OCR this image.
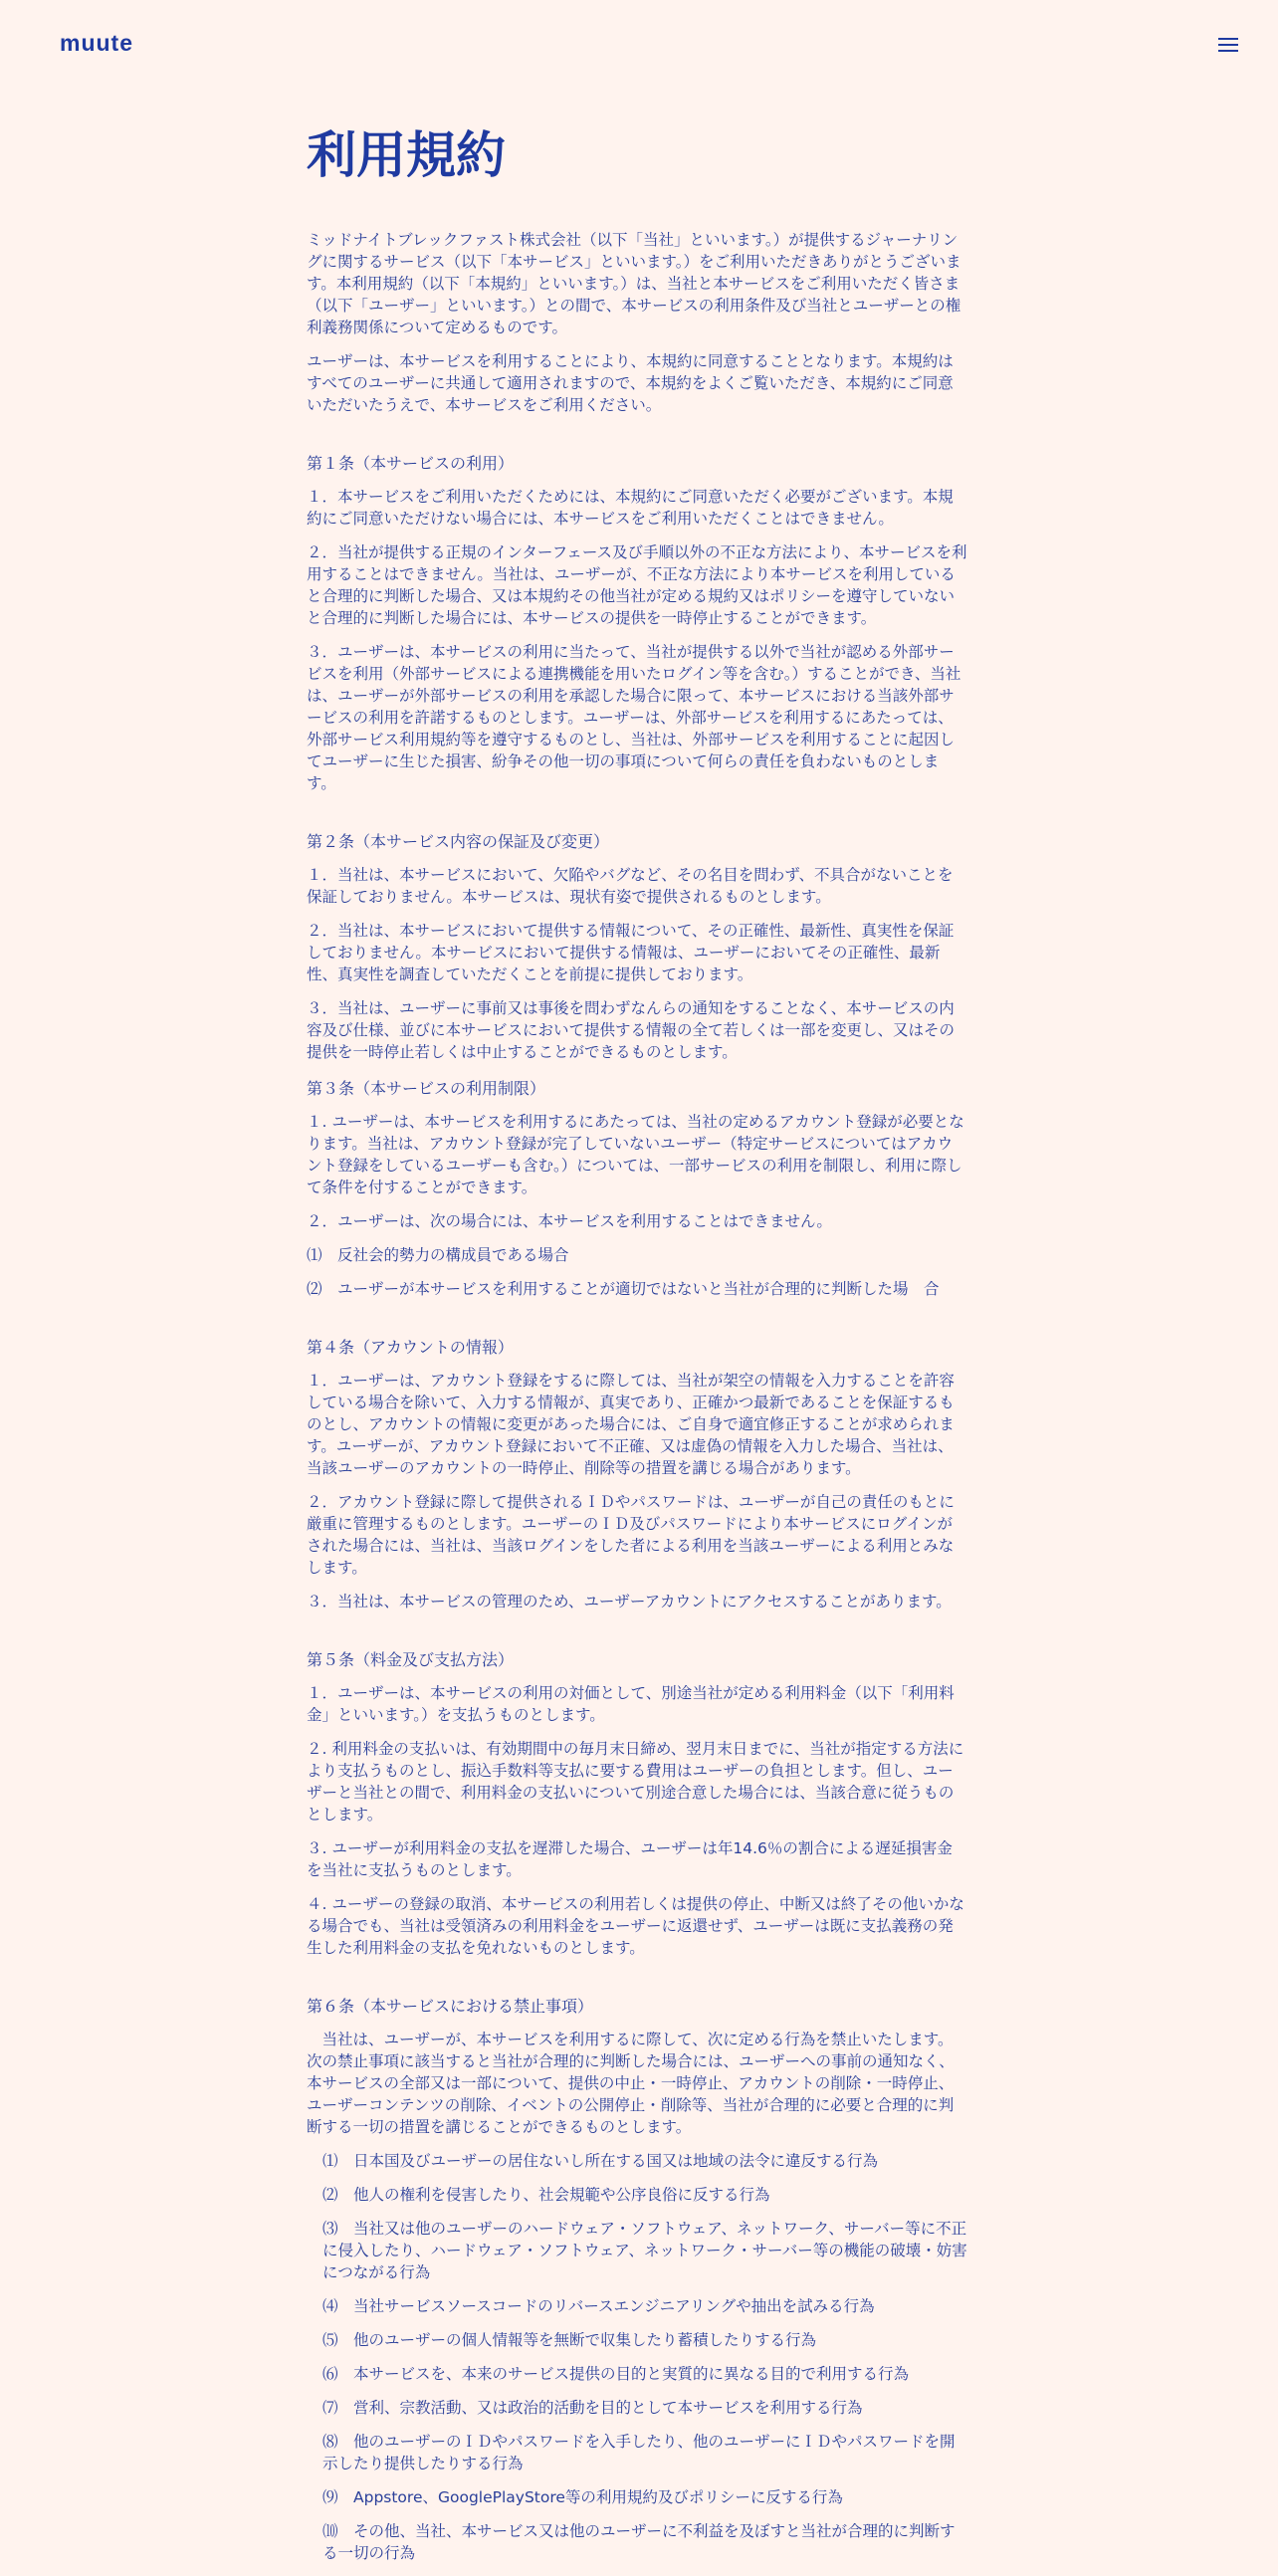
muute
利用規約

ミッドナイトブレックファスト株式会社（以下「当社」といいます。）が提供するジャーナリングに関するサービス（以下「本サービス」といいます。）をご利用いただきありがとうございます。本利用規約（以下「本規約」といいます。）は、当社と本サービスをご利用いただく皆さま（以下「ユーザー」といいます。）との間で、本サービスの利用条件及び当社とユーザーとの権利義務関係について定めるものです。

ユーザーは、本サービスを利用することにより、本規約に同意することとなります。本規約はすべてのユーザーに共通して適用されますので、本規約をよくご覧いただき、本規約にご同意いただいたうえで、本サービスをご利用ください。

第１条（本サービスの利用）

１．本サービスをご利用いただくためには、本規約にご同意いただく必要がございます。本規約にご同意いただけない場合には、本サービスをご利用いただくことはできません。

２．当社が提供する正規のインターフェース及び手順以外の不正な方法により、本サービスを利用することはできません。当社は、ユーザーが、不正な方法により本サービスを利用していると合理的に判断した場合、又は本規約その他当社が定める規約又はポリシーを遵守していないと合理的に判断した場合には、本サービスの提供を一時停止することができます。

３．ユーザーは、本サービスの利用に当たって、当社が提供する以外で当社が認める外部サービスを利用（外部サービスによる連携機能を用いたログイン等を含む。）することができ、当社は、ユーザーが外部サービスの利用を承認した場合に限って、本サービスにおける当該外部サービスの利用を許諾するものとします。ユーザーは、外部サービスを利用するにあたっては、外部サービス利用規約等を遵守するものとし、当社は、外部サービスを利用することに起因してユーザーに生じた損害、紛争その他一切の事項について何らの責任を負わないものとします。

第２条（本サービス内容の保証及び変更）

１．当社は、本サービスにおいて、欠陥やバグなど、その名目を問わず、不具合がないことを保証しておりません。本サービスは、現状有姿で提供されるものとします。

２．当社は、本サービスにおいて提供する情報について、その正確性、最新性、真実性を保証しておりません。本サービスにおいて提供する情報は、ユーザーにおいてその正確性、最新性、真実性を調査していただくことを前提に提供しております。

３．当社は、ユーザーに事前又は事後を問わずなんらの通知をすることなく、本サービスの内容及び仕様、並びに本サービスにおいて提供する情報の全て若しくは一部を変更し、又はその提供を一時停止若しくは中止することができるものとします。

第３条（本サービスの利用制限）

１. ユーザーは、本サービスを利用するにあたっては、当社の定めるアカウント登録が必要となります。当社は、アカウント登録が完了していないユーザー（特定サービスについてはアカウント登録をしているユーザーも含む。）については、一部サービスの利用を制限し、利用に際して条件を付することができます。

２．ユーザーは、次の場合には、本サービスを利用することはできません。

⑴　反社会的勢力の構成員である場合

⑵　ユーザーが本サービスを利用することが適切ではないと当社が合理的に判断した場　合

第４条（アカウントの情報）

１．ユーザーは、アカウント登録をするに際しては、当社が架空の情報を入力することを許容している場合を除いて、入力する情報が、真実であり、正確かつ最新であることを保証するものとし、アカウントの情報に変更があった場合には、ご自身で適宜修正することが求められます。ユーザーが、アカウント登録において不正確、又は虚偽の情報を入力した場合、当社は、当該ユーザーのアカウントの一時停止、削除等の措置を講じる場合があります。

２．アカウント登録に際して提供されるＩＤやパスワードは、ユーザーが自己の責任のもとに厳重に管理するものとします。ユーザーのＩＤ及びパスワードにより本サービスにログインがされた場合には、当社は、当該ログインをした者による利用を当該ユーザーによる利用とみなします。

３．当社は、本サービスの管理のため、ユーザーアカウントにアクセスすることがあります。

第５条（料金及び支払方法）

１．ユーザーは、本サービスの利用の対価として、別途当社が定める利用料金（以下「利用料金」といいます。）を支払うものとします。

２. 利用料金の支払いは、有効期間中の毎月末日締め、翌月末日までに、当社が指定する方法により支払うものとし、振込手数料等支払に要する費用はユーザーの負担とします。但し、ユーザーと当社との間で、利用料金の支払いについて別途合意した場合には、当該合意に従うものとします。

３. ユーザーが利用料金の支払を遅滞した場合、ユーザーは年14.6％の割合による遅延損害金を当社に支払うものとします。

４. ユーザーの登録の取消、本サービスの利用若しくは提供の停止、中断又は終了その他いかなる場合でも、当社は受領済みの利用料金をユーザーに返還せず、ユーザーは既に支払義務の発生した利用料金の支払を免れないものとします。

第６条（本サービスにおける禁止事項）

当社は、ユーザーが、本サービスを利用するに際して、次に定める行為を禁止いたします。次の禁止事項に該当すると当社が合理的に判断した場合には、ユーザーへの事前の通知なく、本サービスの全部又は一部について、提供の中止・一時停止、アカウントの削除・一時停止、ユーザーコンテンツの削除、イベントの公開停止・削除等、当社が合理的に必要と合理的に判断する一切の措置を講じることができるものとします。

⑴　日本国及びユーザーの居住ないし所在する国又は地域の法令に違反する行為

⑵　他人の権利を侵害したり、社会規範や公序良俗に反する行為

⑶　当社又は他のユーザーのハードウェア・ソフトウェア、ネットワーク、サーバー等に不正に侵入したり、ハードウェア・ソフトウェア、ネットワーク・サーバー等の機能の破壊・妨害につながる行為

⑷　当社サービスソースコードのリバースエンジニアリングや抽出を試みる行為

⑸　他のユーザーの個人情報等を無断で収集したり蓄積したりする行為

⑹　本サービスを、本来のサービス提供の目的と実質的に異なる目的で利用する行為

⑺　営利、宗教活動、又は政治的活動を目的として本サービスを利用する行為

⑻　他のユーザーのＩＤやパスワードを入手したり、他のユーザーにＩＤやパスワードを開示したり提供したりする行為

⑼　Appstore、GooglePlayStore等の利用規約及びポリシーに反する行為

⑽　その他、当社、本サービス又は他のユーザーに不利益を及ぼすと当社が合理的に判断する一切の行為
